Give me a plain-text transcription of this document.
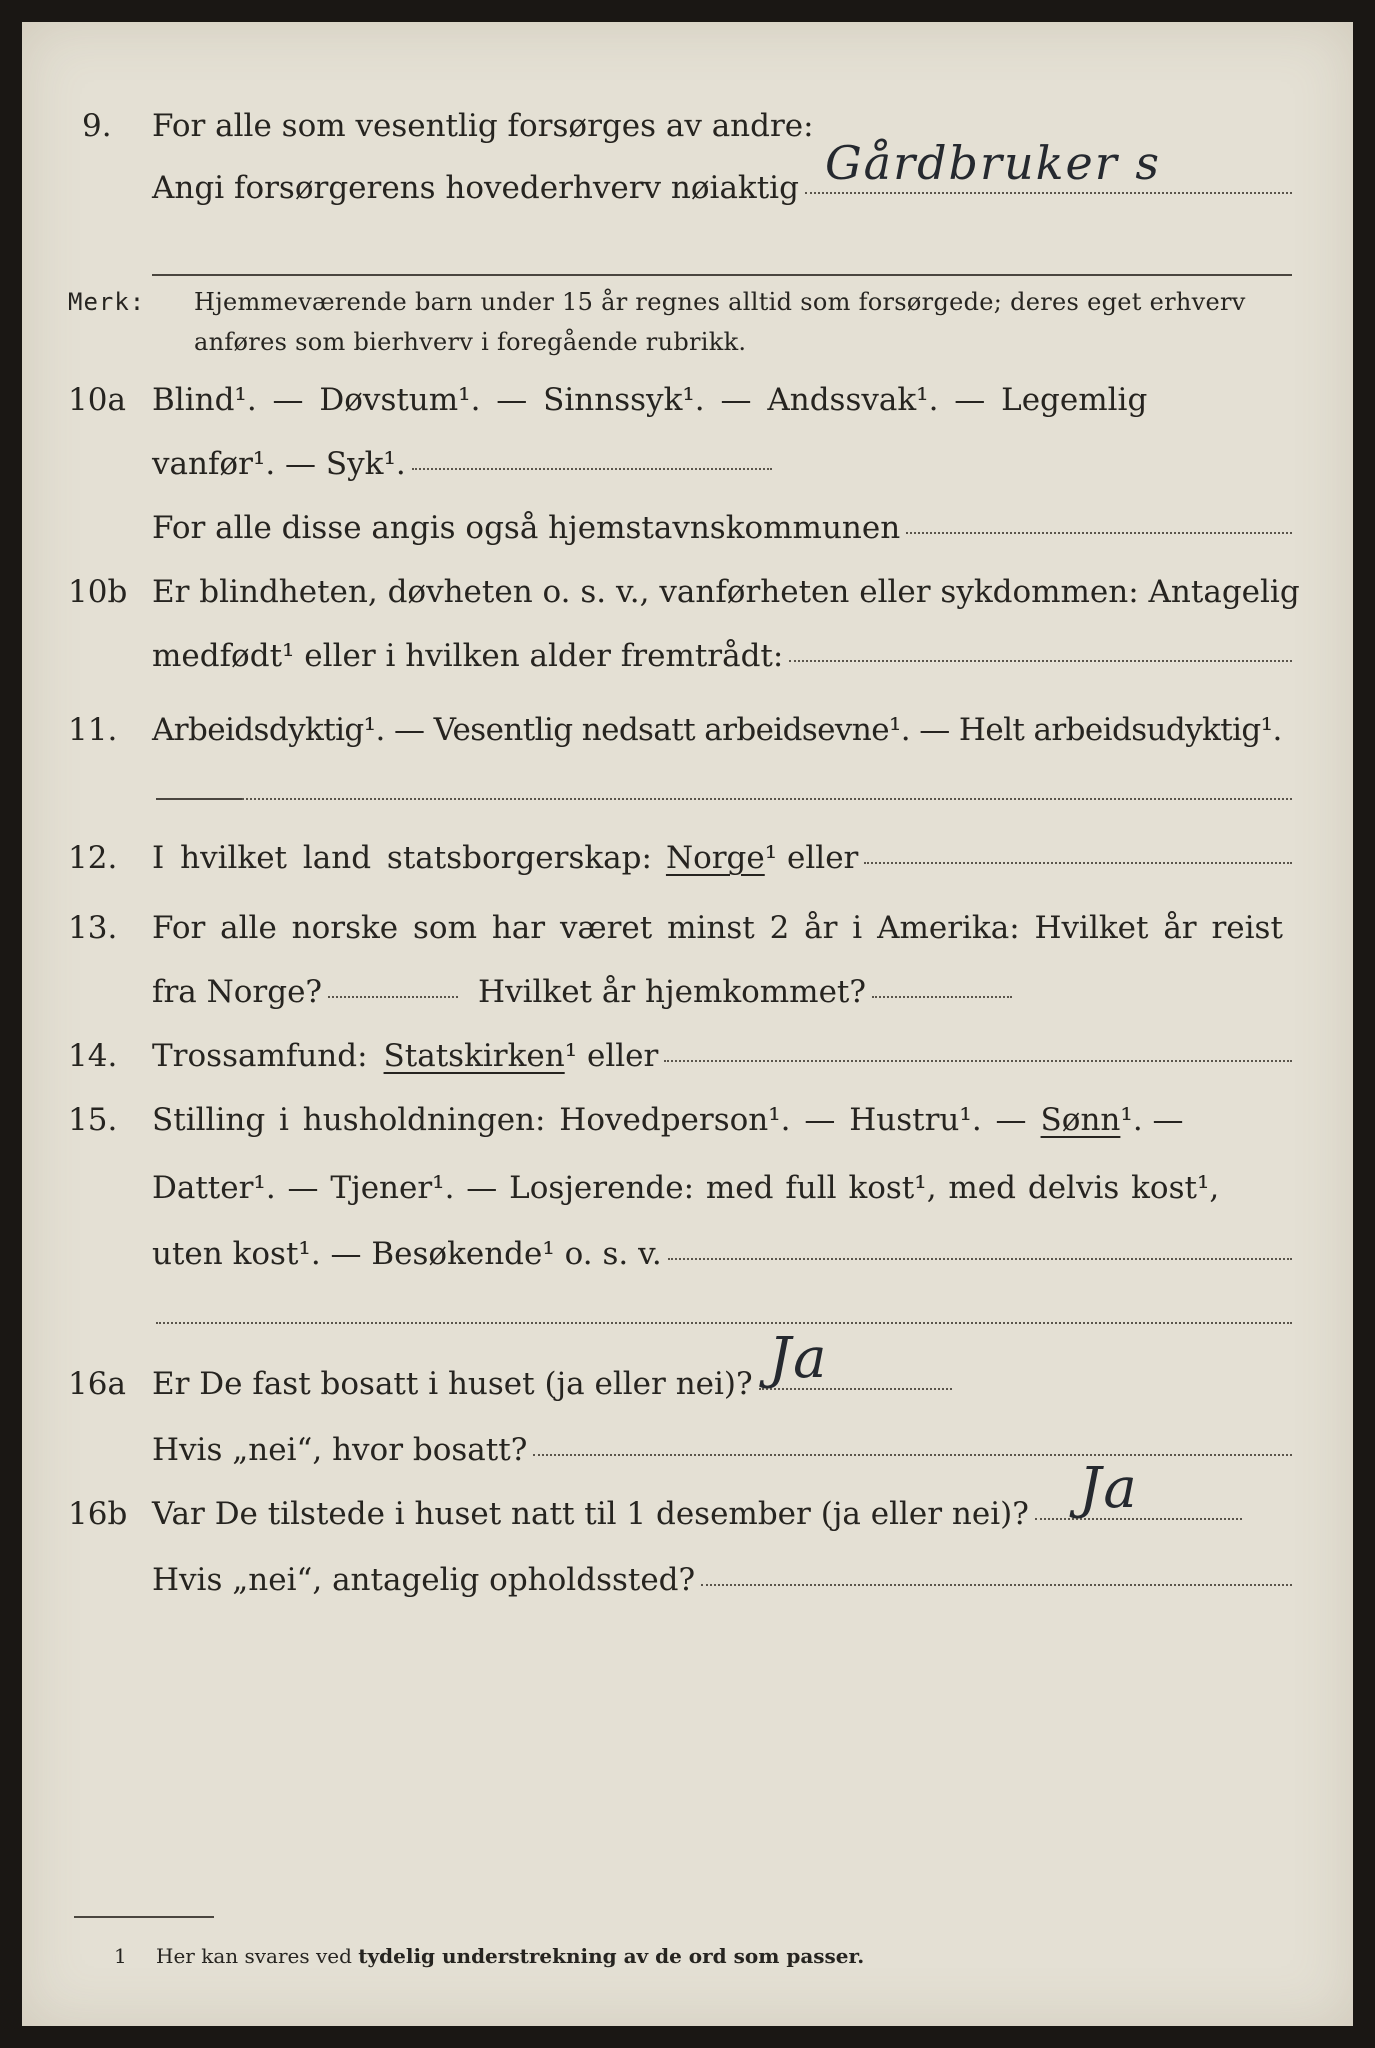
9. For alle som vesentlig forsørges av andre:
Angi forsørgerens hovederhverv nøiaktig Gårdbruker s
Merk: Hjemmeværende barn under 15 år regnes alltid som forsørgede; deres eget erhverv
anføres som bierhverv i foregående rubrikk.
10a Blind¹. — Døvstum¹. — Sinnssyk¹. — Andssvak¹. — Legemlig
vanfør¹. — Syk¹.
For alle disse angis også hjemstavnskommunen
10b Er blindheten, døvheten o. s. v., vanførheten eller sykdommen: Antagelig
medfødt¹ eller i hvilken alder fremtrådt:
11. Arbeidsdyktig¹. — Vesentlig nedsatt arbeidsevne¹. — Helt arbeidsudyktig¹.
12. I hvilket land statsborgerskap: Norge ¹ eller
13. For alle norske som har været minst 2 år i Amerika: Hvilket år reist
fra Norge?	Hvilket år hjemkommet?
14. Trossamfund: Statskirken ¹ eller
15. Stilling i husholdningen: Hovedperson¹. — Hustru¹. — Sønn ¹. —
Datter¹. — Tjener¹. — Losjerende: med full kost¹, med delvis kost¹,
uten kost¹. — Besøkende¹ o. s. v.
16a Er De fast bosatt i huset (ja eller nei)? Ja
Hvis „nei“, hvor bosatt?
16b Var De tilstede i huset natt til 1 desember (ja eller nei)? Ja
Hvis „nei“, antagelig opholdssted?
1 Her kan svares ved tydelig understrekning av de ord som passer.
